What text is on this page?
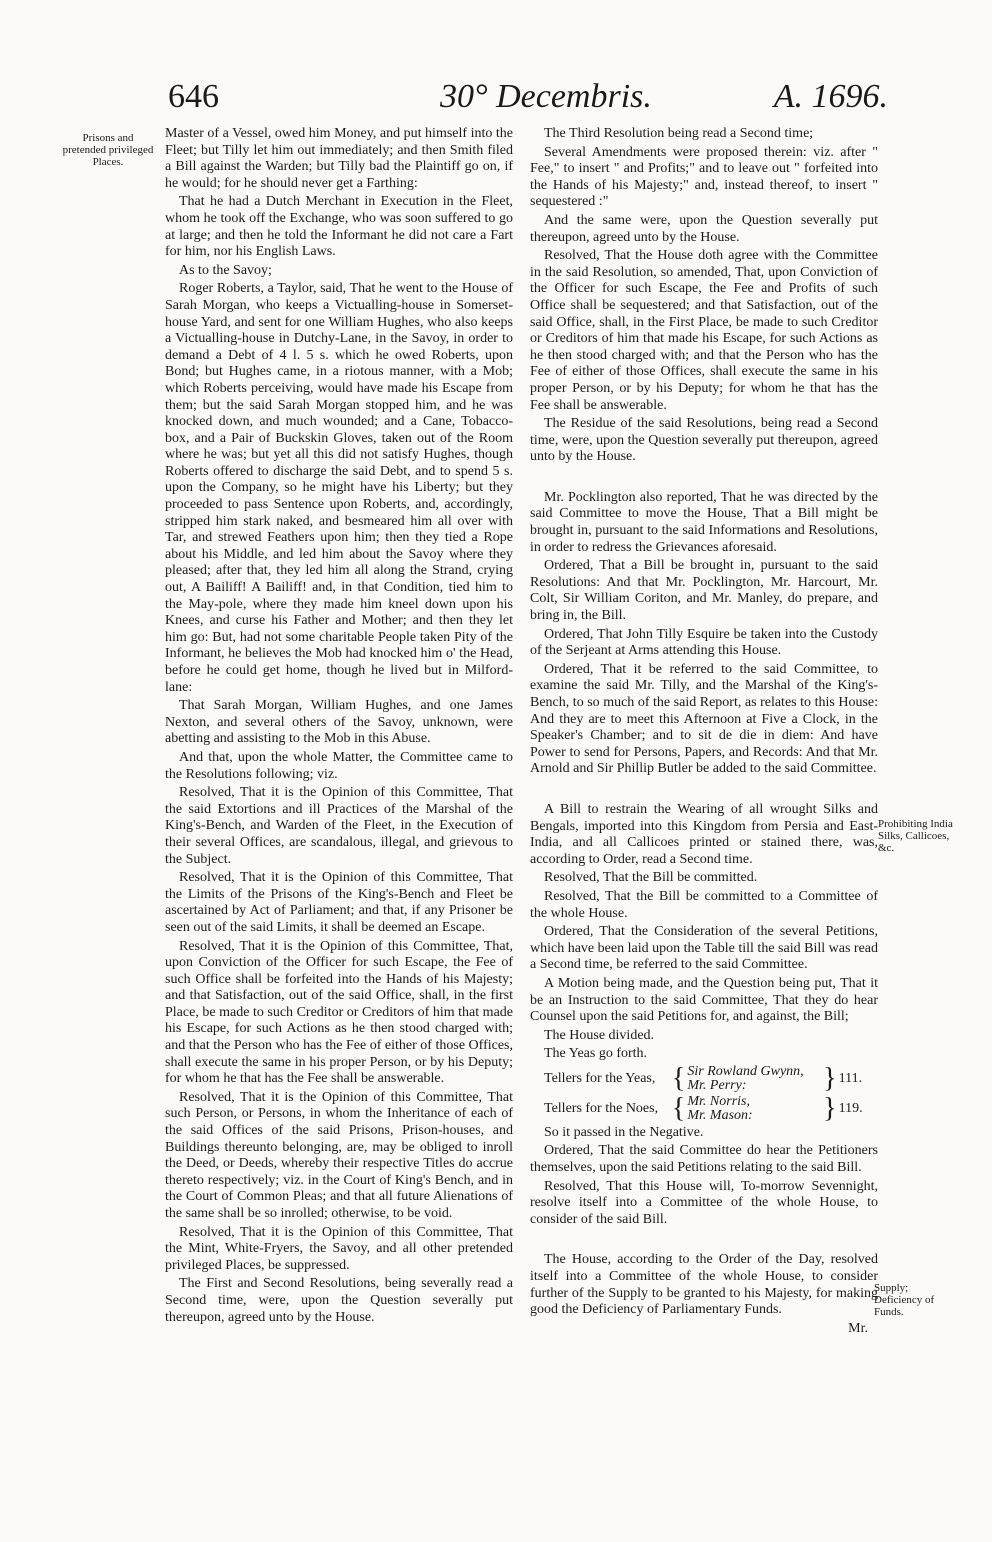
646	30° Decembris.	A. 1696.
Prisons and pretended privileged Places.
Prohibiting India Silks, Callicoes, &c.
Supply; Deficiency of Funds.

Master of a Vessel, owed him Money, and put himself into the Fleet; but Tilly let him out immediately; and then Smith filed a Bill against the Warden; but Tilly bad the Plaintiff go on, if he would; for he should never get a Farthing:

That he had a Dutch Merchant in Execution in the Fleet, whom he took off the Exchange, who was soon suffered to go at large; and then he told the Informant he did not care a Fart for him, nor his English Laws.

As to the Savoy;

Roger Roberts, a Taylor, said, That he went to the House of Sarah Morgan, who keeps a Victualling-house in Somerset-house Yard, and sent for one William Hughes, who also keeps a Victualling-house in Dutchy-Lane, in the Savoy, in order to demand a Debt of 4 l. 5 s. which he owed Roberts, upon Bond; but Hughes came, in a riotous manner, with a Mob; which Roberts perceiving, would have made his Escape from them; but the said Sarah Morgan stopped him, and he was knocked down, and much wounded; and a Cane, Tobacco-box, and a Pair of Buckskin Gloves, taken out of the Room where he was; but yet all this did not satisfy Hughes, though Roberts offered to discharge the said Debt, and to spend 5 s. upon the Company, so he might have his Liberty; but they proceeded to pass Sentence upon Roberts, and, accordingly, stripped him stark naked, and besmeared him all over with Tar, and strewed Feathers upon him; then they tied a Rope about his Middle, and led him about the Savoy where they pleased; after that, they led him all along the Strand, crying out, A Bailiff! A Bailiff! and, in that Condition, tied him to the May-pole, where they made him kneel down upon his Knees, and curse his Father and Mother; and then they let him go: But, had not some charitable People taken Pity of the Informant, he believes the Mob had knocked him o' the Head, before he could get home, though he lived but in Milford-lane:

That Sarah Morgan, William Hughes, and one James Nexton, and several others of the Savoy, unknown, were abetting and assisting to the Mob in this Abuse.

And that, upon the whole Matter, the Committee came to the Resolutions following; viz.

Resolved, That it is the Opinion of this Committee, That the said Extortions and ill Practices of the Marshal of the King's-Bench, and Warden of the Fleet, in the Execution of their several Offices, are scandalous, illegal, and grievous to the Subject.

Resolved, That it is the Opinion of this Committee, That the Limits of the Prisons of the King's-Bench and Fleet be ascertained by Act of Parliament; and that, if any Prisoner be seen out of the said Limits, it shall be deemed an Escape.

Resolved, That it is the Opinion of this Committee, That, upon Conviction of the Officer for such Escape, the Fee of such Office shall be forfeited into the Hands of his Majesty; and that Satisfaction, out of the said Office, shall, in the first Place, be made to such Creditor or Creditors of him that made his Escape, for such Actions as he then stood charged with; and that the Person who has the Fee of either of those Offices, shall execute the same in his proper Person, or by his Deputy; for whom he that has the Fee shall be answerable.

Resolved, That it is the Opinion of this Committee, That such Person, or Persons, in whom the Inheritance of each of the said Offices of the said Prisons, Prison-houses, and Buildings thereunto belonging, are, may be obliged to inroll the Deed, or Deeds, whereby their respective Titles do accrue thereto respectively; viz. in the Court of King's Bench, and in the Court of Common Pleas; and that all future Alienations of the same shall be so inrolled; otherwise, to be void.

Resolved, That it is the Opinion of this Committee, That the Mint, White-Fryers, the Savoy, and all other pretended privileged Places, be suppressed.

The First and Second Resolutions, being severally read a Second time, were, upon the Question severally put thereupon, agreed unto by the House.

The Third Resolution being read a Second time;

Several Amendments were proposed therein: viz. after " Fee," to insert " and Profits;" and to leave out " forfeited into the Hands of his Majesty;" and, instead thereof, to insert " sequestered :"

And the same were, upon the Question severally put thereupon, agreed unto by the House.

Resolved, That the House doth agree with the Committee in the said Resolution, so amended, That, upon Conviction of the Officer for such Escape, the Fee and Profits of such Office shall be sequestered; and that Satisfaction, out of the said Office, shall, in the First Place, be made to such Creditor or Creditors of him that made his Escape, for such Actions as he then stood charged with; and that the Person who has the Fee of either of those Offices, shall execute the same in his proper Person, or by his Deputy; for whom he that has the Fee shall be answerable.

The Residue of the said Resolutions, being read a Second time, were, upon the Question severally put thereupon, agreed unto by the House.

Mr. Pocklington also reported, That he was directed by the said Committee to move the House, That a Bill might be brought in, pursuant to the said Informations and Resolutions, in order to redress the Grievances aforesaid.

Ordered, That a Bill be brought in, pursuant to the said Resolutions: And that Mr. Pocklington, Mr. Harcourt, Mr. Colt, Sir William Coriton, and Mr. Manley, do prepare, and bring in, the Bill.

Ordered, That John Tilly Esquire be taken into the Custody of the Serjeant at Arms attending this House.

Ordered, That it be referred to the said Committee, to examine the said Mr. Tilly, and the Marshal of the King's-Bench, to so much of the said Report, as relates to this House: And they are to meet this Afternoon at Five a Clock, in the Speaker's Chamber; and to sit de die in diem: And have Power to send for Persons, Papers, and Records: And that Mr. Arnold and Sir Phillip Butler be added to the said Committee.

A Bill to restrain the Wearing of all wrought Silks and Bengals, imported into this Kingdom from Persia and East-India, and all Callicoes printed or stained there, was, according to Order, read a Second time.

Resolved, That the Bill be committed.

Resolved, That the Bill be committed to a Committee of the whole House.

Ordered, That the Consideration of the several Petitions, which have been laid upon the Table till the said Bill was read a Second time, be referred to the said Committee.

A Motion being made, and the Question being put, That it be an Instruction to the said Committee, That they do hear Counsel upon the said Petitions for, and against, the Bill;

The House divided.

The Yeas go forth.

Tellers for the Yeas, { Sir Rowland Gwynn,
Mr. Perry:	} 111.
Tellers for the Noes, { Mr. Norris,
Mr. Mason:	} 119.

So it passed in the Negative.

Ordered, That the said Committee do hear the Petitioners themselves, upon the said Petitions relating to the said Bill.

Resolved, That this House will, To-morrow Sevennight, resolve itself into a Committee of the whole House, to consider of the said Bill.

The House, according to the Order of the Day, resolved itself into a Committee of the whole House, to consider further of the Supply to be granted to his Majesty, for making good the Deficiency of Parliamentary Funds.

Mr.
